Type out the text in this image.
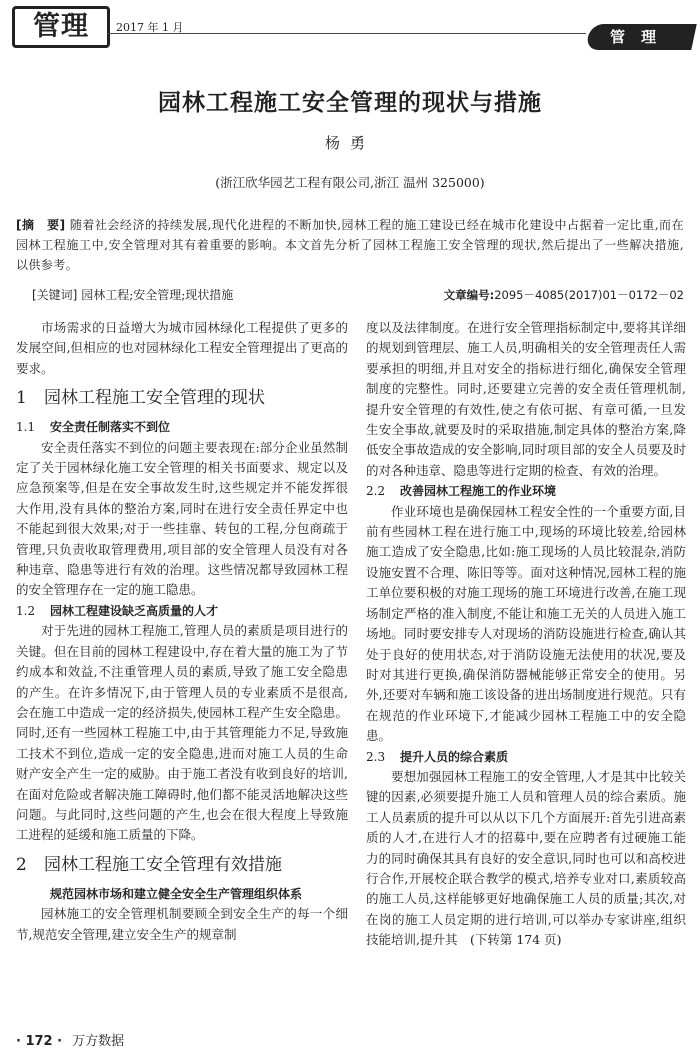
管理	2017 年 1 月
管理
园林工程施工安全管理的现状与措施
杨勇
(浙江欣华园艺工程有限公司,浙江 温州 325000)
[摘　要] 随着社会经济的持续发展,现代化进程的不断加快,园林工程的施工建设已经在城市化建设中占据着一定比重,而在园林工程施工中,安全管理对其有着重要的影响。本文首先分析了园林工程施工安全管理的现状,然后提出了一些解决措施,以供参考。
[关键词] 园林工程;安全管理;现状措施	文章编号:2095－4085(2017)01－0172－02

市场需求的日益增大为城市园林绿化工程提供了更多的发展空间,但相应的也对园林绿化工程安全管理提出了更高的要求。

1 园林工程施工安全管理的现状
1.1 安全责任制落实不到位

安全责任落实不到位的问题主要表现在:部分企业虽然制定了关于园林绿化施工安全管理的相关书面要求、规定以及应急预案等,但是在安全事故发生时,这些规定并不能发挥很大作用,没有具体的整治方案,同时在进行安全责任界定中也不能起到很大效果;对于一些挂靠、转包的工程,分包商疏于管理,只负责收取管理费用,项目部的安全管理人员没有对各种违章、隐患等进行有效的治理。这些情况都导致园林工程的安全管理存在一定的施工隐患。

1.2 园林工程建设缺乏高质量的人才

对于先进的园林工程施工,管理人员的素质是项目进行的关键。但在目前的园林工程建设中,存在着大量的施工为了节约成本和效益,不注重管理人员的素质,导致了施工安全隐患的产生。在许多情况下,由于管理人员的专业素质不是很高,会在施工中造成一定的经济损失,使园林工程产生安全隐患。同时,还有一些园林工程施工中,由于其管理能力不足,导致施工技术不到位,造成一定的安全隐患,进而对施工人员的生命财产安全产生一定的威胁。由于施工者没有收到良好的培训,在面对危险或者解决施工障碍时,他们都不能灵活地解决这些问题。与此同时,这些问题的产生,也会在很大程度上导致施工进程的延缓和施工质量的下降。

2 园林工程施工安全管理有效措施
规范园林市场和建立健全安全生产管理组织体系

园林施工的安全管理机制要顾全到安全生产的每一个细节,规范安全管理,建立安全生产的规章制

度以及法律制度。在进行安全管理指标制定中,要将其详细的规划到管理层、施工人员,明确相关的安全管理责任人需要承担的明细,并且对安全的指标进行细化,确保安全管理制度的完整性。同时,还要建立完善的安全责任管理机制,提升安全管理的有效性,使之有依可据、有章可循,一旦发生安全事故,就要及时的采取措施,制定具体的整治方案,降低安全事故造成的安全影响,同时项目部的安全人员要及时的对各种违章、隐患等进行定期的检查、有效的治理。

2.2 改善园林工程施工的作业环境

作业环境也是确保园林工程安全性的一个重要方面,目前有些园林工程在进行施工中,现场的环境比较差,给园林施工造成了安全隐患,比如:施工现场的人员比较混杂,消防设施安置不合理、陈旧等等。面对这种情况,园林工程的施工单位要积极的对施工现场的施工环境进行改善,在施工现场制定严格的准入制度,不能让和施工无关的人员进入施工场地。同时要安排专人对现场的消防设施进行检查,确认其处于良好的使用状态,对于消防设施无法使用的状况,要及时对其进行更换,确保消防器械能够正常安全的使用。另外,还要对车辆和施工该设备的进出场制度进行规范。只有在规范的作业环境下,才能减少园林工程施工中的安全隐患。

2.3 提升人员的综合素质

要想加强园林工程施工的安全管理,人才是其中比较关键的因素,必须要提升施工人员和管理人员的综合素质。施工人员素质的提升可以从以下几个方面展开:首先引进高素质的人才,在进行人才的招募中,要在应聘者有过硬施工能力的同时确保其具有良好的安全意识,同时也可以和高校进行合作,开展校企联合教学的模式,培养专业对口,素质较高的施工人员,这样能够更好地确保施工人员的质量;其次,对在岗的施工人员定期的进行培训,可以举办专家讲座,组织技能培训,提升其　(下转第 174 页)

· 172 · 万方数据
